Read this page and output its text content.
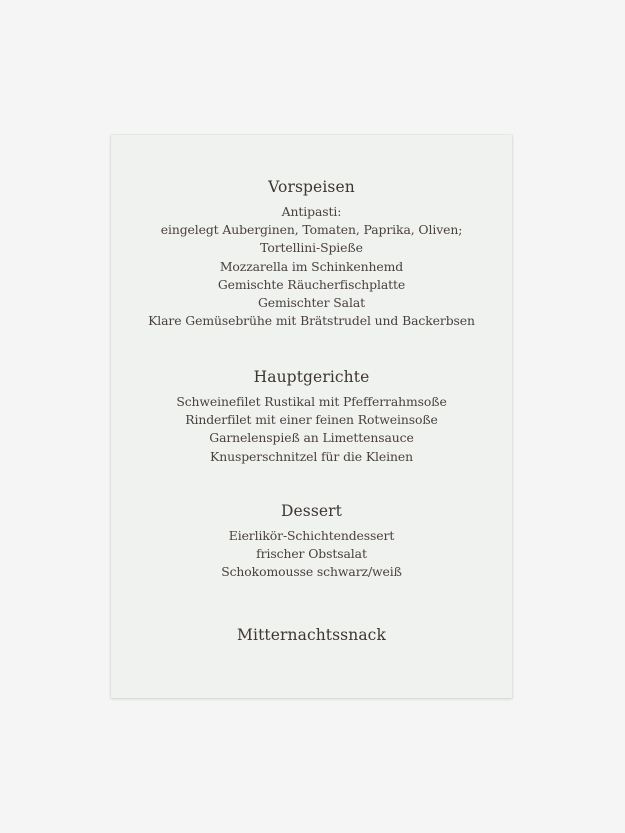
Vorspeisen
Antipasti:
eingelegt Auberginen, Tomaten, Paprika, Oliven;
Tortellini-Spieße
Mozzarella im Schinkenhemd
Gemischte Räucherfischplatte
Gemischter Salat
Klare Gemüsebrühe mit Brätstrudel und Backerbsen
Hauptgerichte
Schweinefilet Rustikal mit Pfefferrahmsoße
Rinderfilet mit einer feinen Rotweinsoße
Garnelenspieß an Limettensauce
Knusperschnitzel für die Kleinen
Dessert
Eierlikör-Schichtendessert
frischer Obstsalat
Schokomousse schwarz/weiß
Mitternachtssnack
